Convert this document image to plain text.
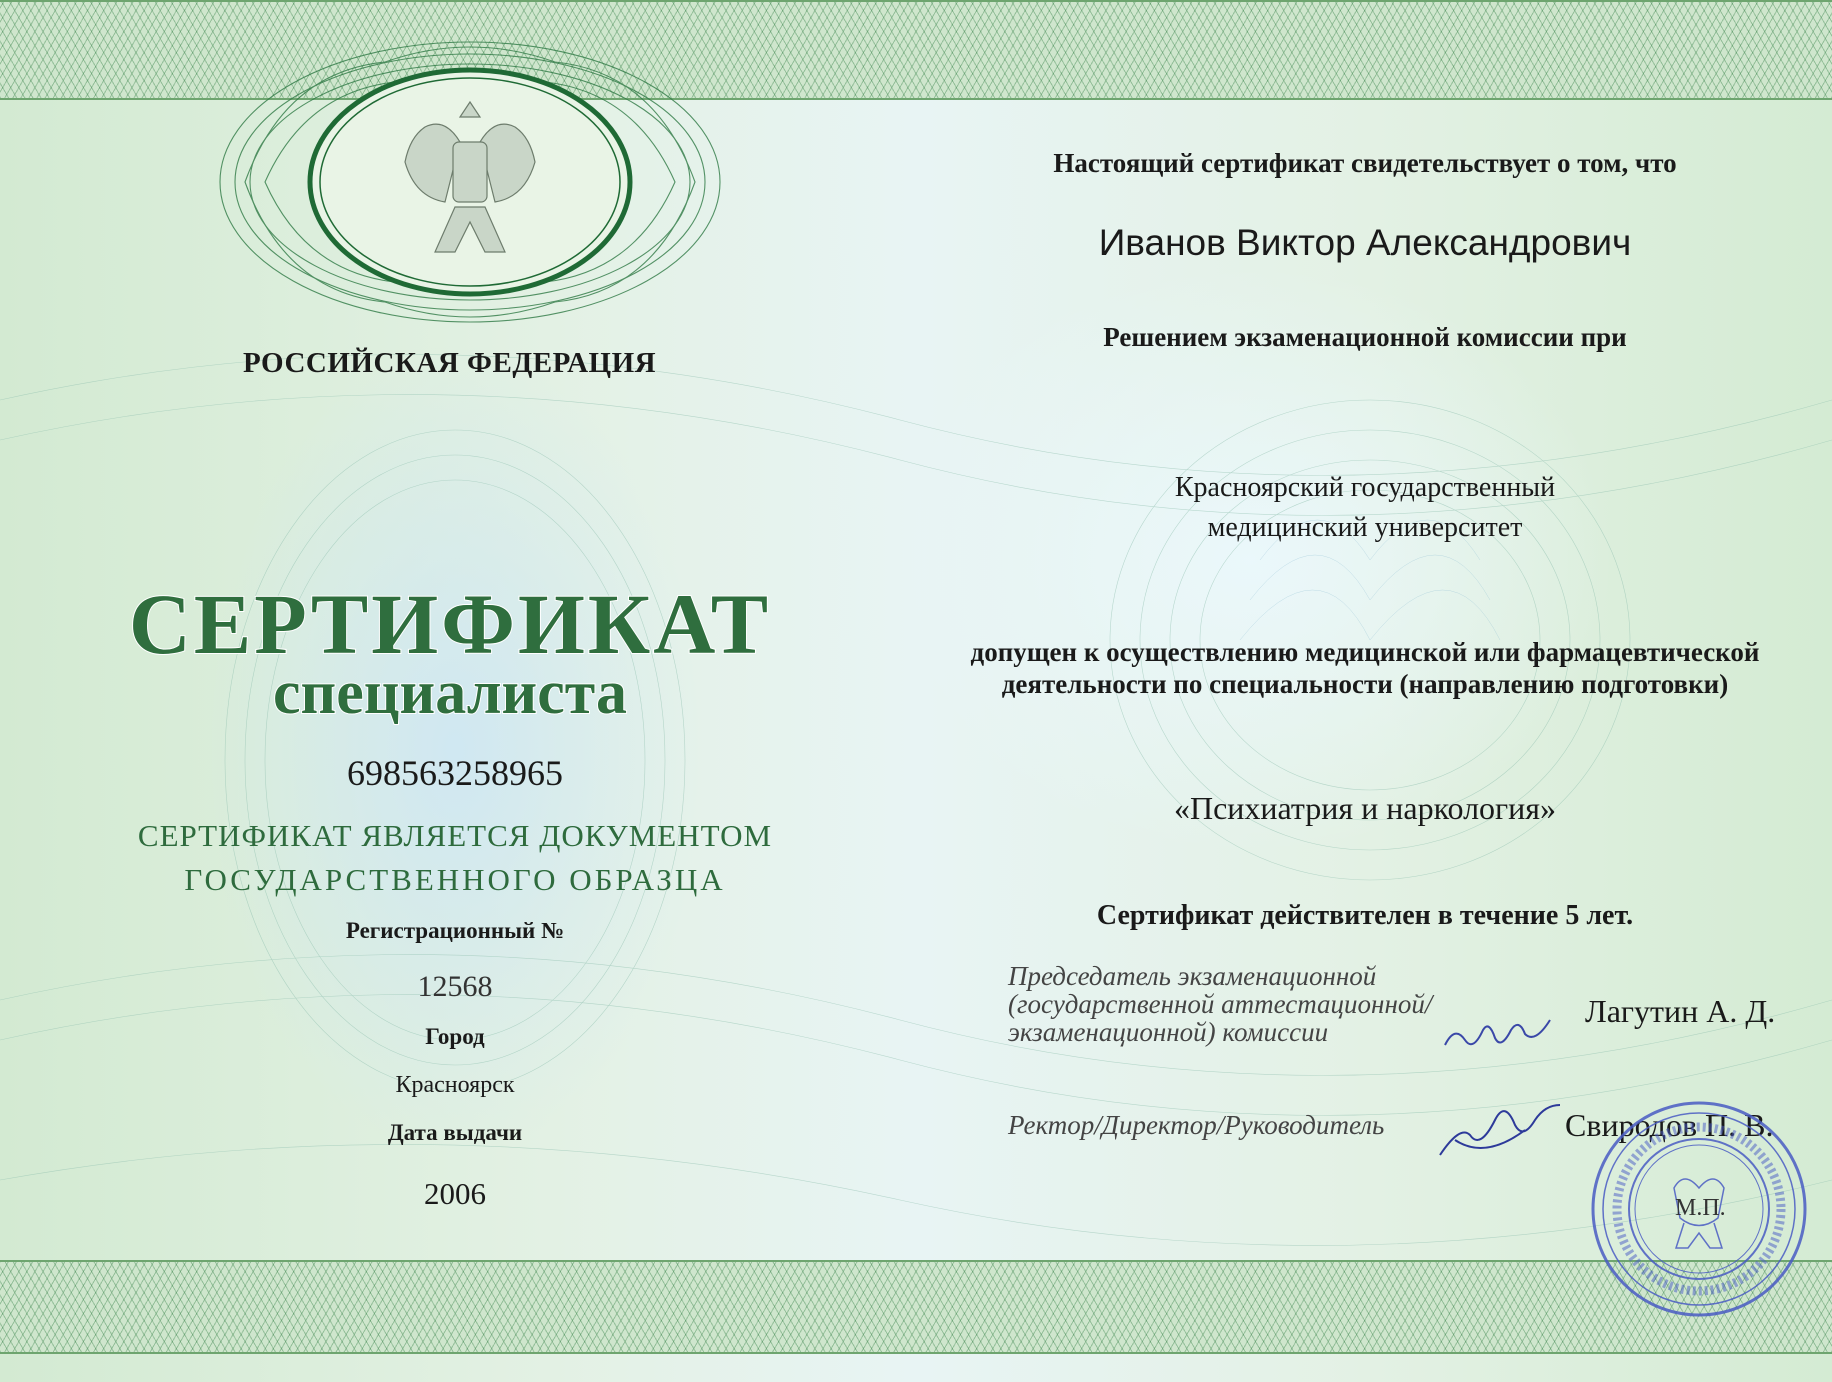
РОССИЙСКАЯ ФЕДЕРАЦИЯ
СЕРТИФИКАТ
специалиста
698563258965
СЕРТИФИКАТ ЯВЛЯЕТСЯ ДОКУМЕНТОМ
ГОСУДАРСТВЕННОГО ОБРАЗЦА
Регистрационный №
12568
Город
Красноярск
Дата выдачи
2006
Настоящий сертификат свидетельствует о том, что
Иванов Виктор Александрович
Решением экзаменационной комиссии при
Красноярский государственный
медицинский университет
допущен к осуществлению медицинской или фармацевтической деятельности по специальности (направлению подготовки)
«Психиатрия и наркология»
Сертификат действителен в течение 5 лет.
Председатель экзаменационной (государственной аттестационной/ экзаменационной) комиссии
Лагутин А. Д.
Ректор/Директор/Руководитель	Свиродов П. В.
М.П.
